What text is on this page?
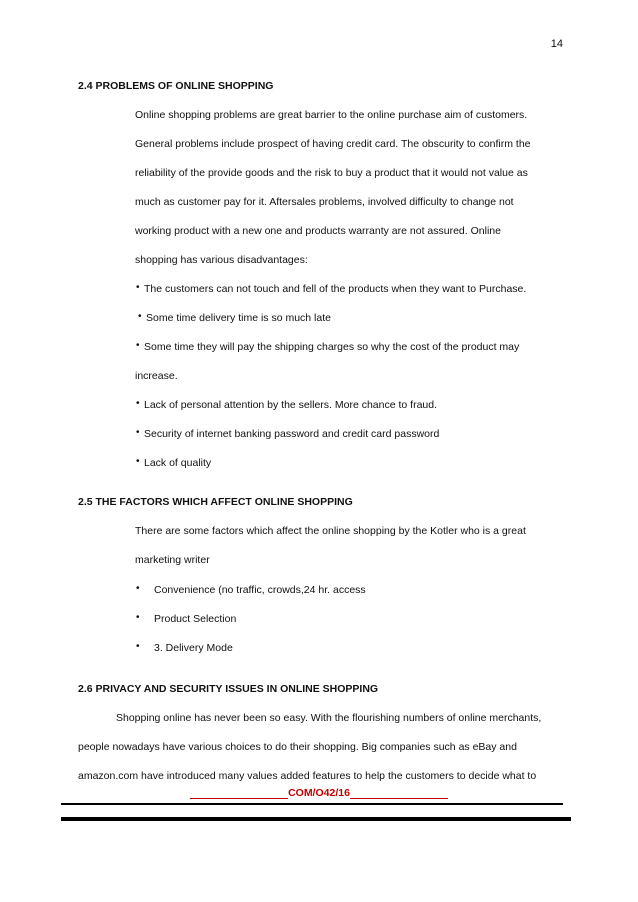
14
2.4 PROBLEMS OF ONLINE SHOPPING
Online shopping problems are great barrier to the online purchase aim of customers.
General problems include prospect of having credit card. The obscurity to confirm the
reliability of the provide goods and the risk to buy a product that it would not value as
much as customer pay for it. Aftersales problems, involved difficulty to change not
working product with a new one and products warranty are not assured. Online
shopping has various disadvantages:
• The customers can not touch and fell of the products when they want to Purchase.
• Some time delivery time is so much late
• Some time they will pay the shipping charges so why the cost of the product may
increase.
• Lack of personal attention by the sellers. More chance to fraud.
• Security of internet banking password and credit card password
• Lack of quality
2.5 THE FACTORS WHICH AFFECT ONLINE SHOPPING
There are some factors which affect the online shopping by the Kotler who is a great
marketing writer
• Convenience (no traffic, crowds,24 hr. access
• Product Selection
• 3. Delivery Mode
2.6 PRIVACY AND SECURITY ISSUES IN ONLINE SHOPPING
Shopping online has never been so easy. With the flourishing numbers of online merchants,
people nowadays have various choices to do their shopping. Big companies such as eBay and
amazon.com have introduced many values added features to help the customers to decide what to
COM/O42/16
